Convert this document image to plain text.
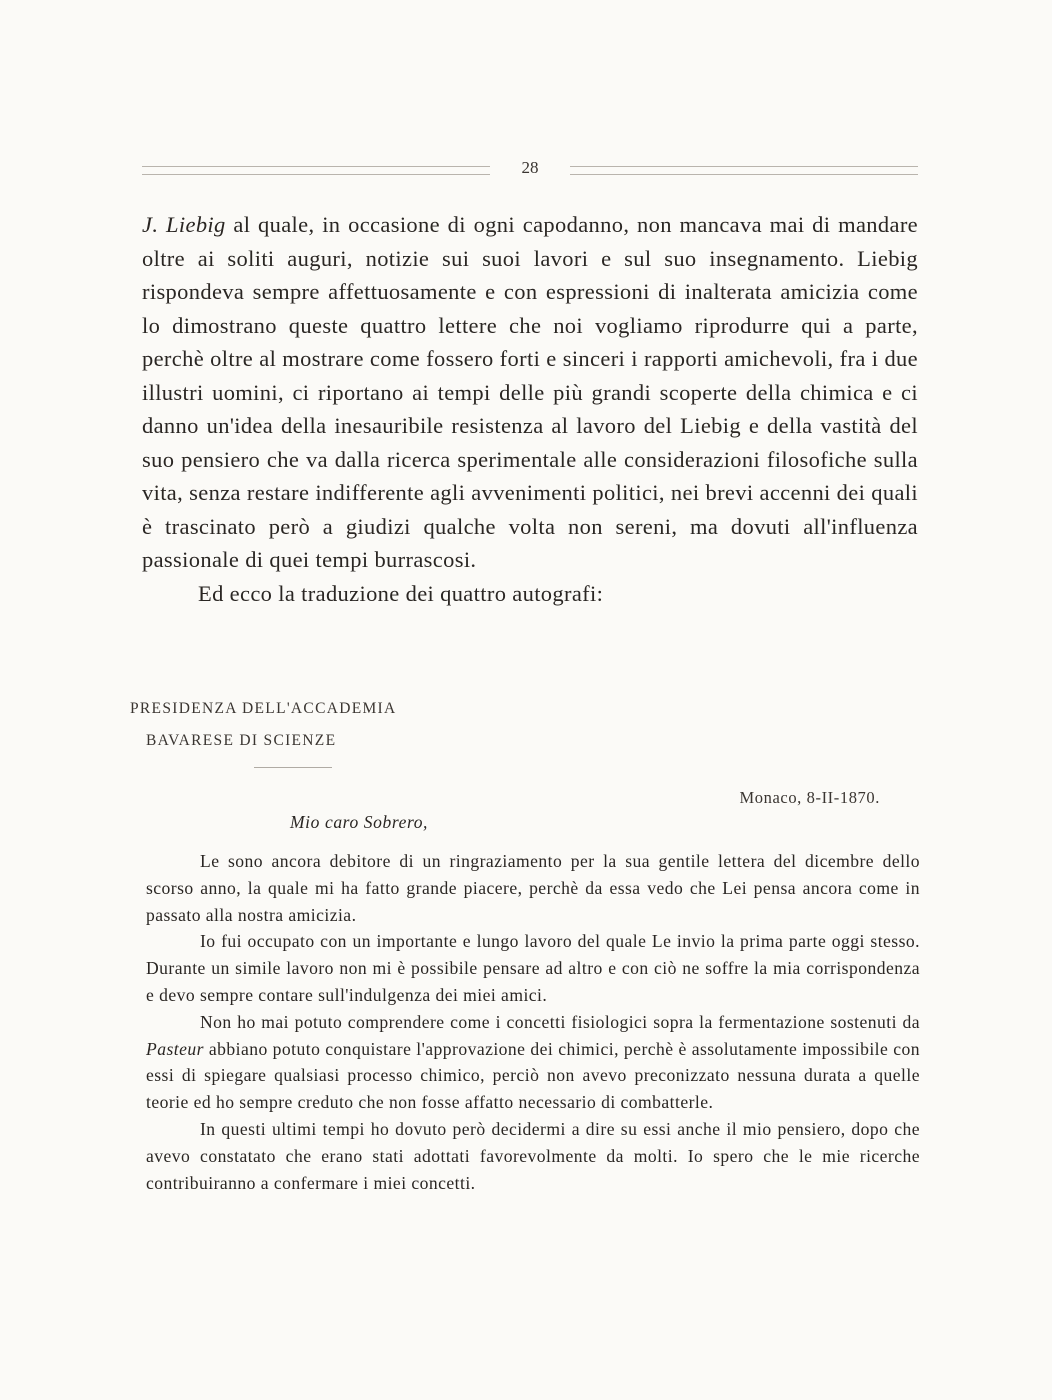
28

J. Liebig al quale, in occasione di ogni capodanno, non mancava mai di mandare oltre ai soliti auguri, notizie sui suoi lavori e sul suo insegnamento. Liebig rispondeva sempre affettuosamente e con espressioni di inalterata amicizia come lo dimostrano queste quattro lettere che noi vogliamo riprodurre qui a parte, perchè oltre al mostrare come fossero forti e sinceri i rapporti amichevoli, fra i due illustri uomini, ci riportano ai tempi delle più grandi scoperte della chimica e ci danno un'idea della inesauribile resistenza al lavoro del Liebig e della vastità del suo pensiero che va dalla ricerca sperimentale alle considerazioni filosofiche sulla vita, senza restare indifferente agli avvenimenti politici, nei brevi accenni dei quali è trascinato però a giudizi qualche volta non sereni, ma dovuti all'influenza passionale di quei tempi burrascosi.

Ed ecco la traduzione dei quattro autografi:

PRESIDENZA DELL'ACCADEMIA
BAVARESE DI SCIENZE
Monaco, 8-II-1870.
Mio caro Sobrero,

Le sono ancora debitore di un ringraziamento per la sua gentile lettera del dicembre dello scorso anno, la quale mi ha fatto grande piacere, perchè da essa vedo che Lei pensa ancora come in passato alla nostra amicizia.

Io fui occupato con un importante e lungo lavoro del quale Le invio la prima parte oggi stesso. Durante un simile lavoro non mi è possibile pensare ad altro e con ciò ne soffre la mia corrispondenza e devo sempre contare sull'indulgenza dei miei amici.

Non ho mai potuto comprendere come i concetti fisiologici sopra la fermentazione sostenuti da Pasteur abbiano potuto conquistare l'approvazione dei chimici, perchè è assolutamente impossibile con essi di spiegare qualsiasi processo chimico, perciò non avevo preconizzato nessuna durata a quelle teorie ed ho sempre creduto che non fosse affatto necessario di combatterle.

In questi ultimi tempi ho dovuto però decidermi a dire su essi anche il mio pensiero, dopo che avevo constatato che erano stati adottati favorevolmente da molti. Io spero che le mie ricerche contribuiranno a confermare i miei concetti.
